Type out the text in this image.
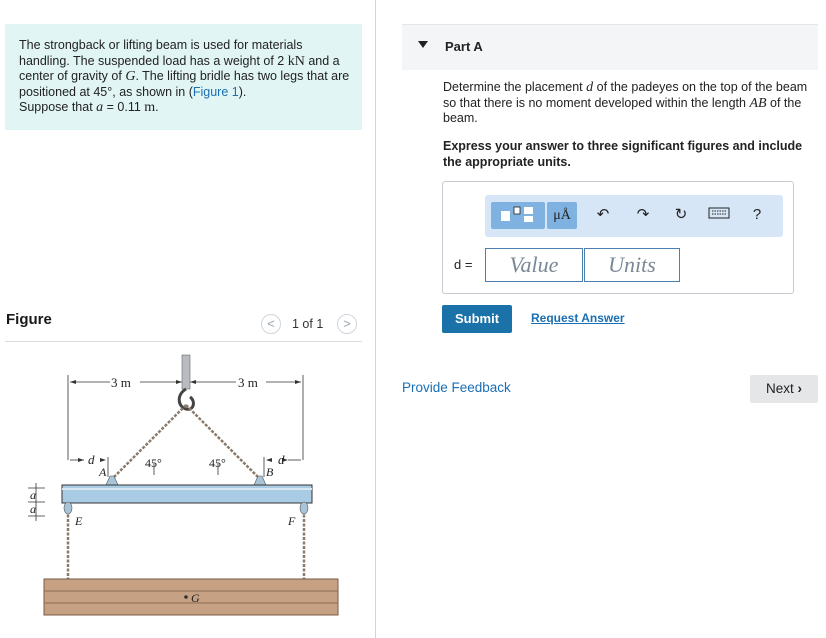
The strongback or lifting beam is used for materials handling. The suspended load has a weight of 2 kN and a center of gravity of G. The lifting bridle has two legs that are positioned at 45°, as shown in (Figure 1).
Suppose that a = 0.11 m.

Figure	<	1 of 1	>
3 m	3 m
d	d
A	B
45°	45°
a
a
E	F
G
Part A
Determine the placement d of the padeyes on the top of the beam so that there is no moment developed within the length AB of the beam.
Express your answer to three significant figures and include the appropriate units.
μÅ	↶ ↷ ↻	?
d =	Value	Units
Submit	Request Answer
Provide Feedback	Next ›
